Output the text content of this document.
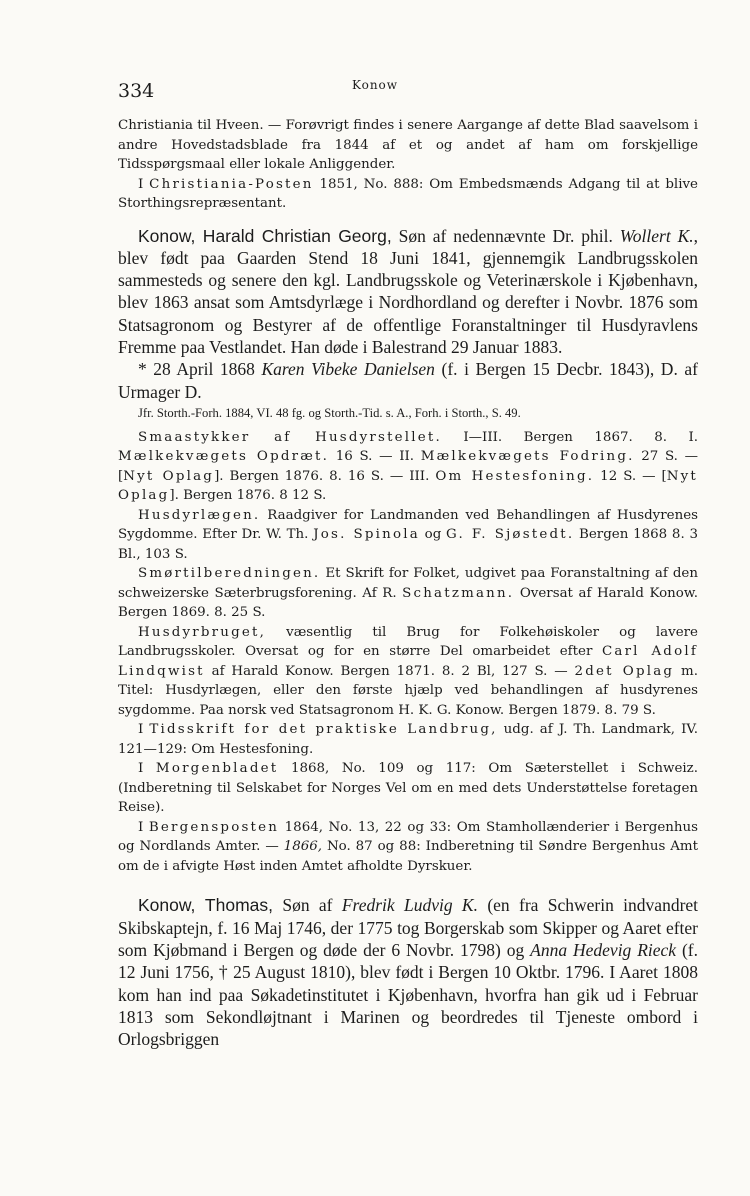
334	Konow

Christiania til Hveen. — Forøvrigt findes i senere Aargange af dette Blad saavelsom i andre Hovedstadsblade fra 1844 af et og andet af ham om forskjellige Tidsspørgsmaal eller lokale Anliggender.

I Christiania-Posten 1851, No. 888: Om Embedsmænds Adgang til at blive Storthingsrepræsentant.

Konow, Harald Christian Georg, Søn af nedennævnte Dr. phil. Wollert K., blev født paa Gaarden Stend 18 Juni 1841, gjennemgik Landbrugsskolen sammesteds og senere den kgl. Landbrugsskole og Veterinærskole i Kjøbenhavn, blev 1863 ansat som Amtsdyrlæge i Nordhordland og derefter i Novbr. 1876 som Statsagronom og Bestyrer af de offentlige Foranstaltninger til Husdyravlens Fremme paa Vestlandet. Han døde i Balestrand 29 Januar 1883.

* 28 April 1868 Karen Vibeke Danielsen (f. i Bergen 15 Decbr. 1843), D. af Urmager D.

Jfr. Storth.-Forh. 1884, VI. 48 fg. og Storth.-Tid. s. A., Forh. i Storth., S. 49.

Smaastykker af Husdyrstellet. I—III. Bergen 1867. 8. I. Mælkekvægets Opdræt. 16 S. — II. Mælkekvægets Fodring. 27 S. — [Nyt Oplag]. Bergen 1876. 8. 16 S. — III. Om Hestesfoning. 12 S. — [Nyt Oplag]. Bergen 1876. 8 12 S.

Husdyrlægen. Raadgiver for Landmanden ved Behandlingen af Husdyrenes Sygdomme. Efter Dr. W. Th. Jos. Spinola og G. F. Sjøstedt. Bergen 1868 8. 3 Bl., 103 S.

Smørtilberedningen. Et Skrift for Folket, udgivet paa Foranstaltning af den schweizerske Sæterbrugsforening. Af R. Schatzmann. Oversat af Harald Konow. Bergen 1869. 8. 25 S.

Husdyrbruget, væsentlig til Brug for Folkehøiskoler og lavere Landbrugsskoler. Oversat og for en større Del omarbeidet efter Carl Adolf Lindqwist af Harald Konow. Bergen 1871. 8. 2 Bl, 127 S. — 2det Oplag m. Titel: Husdyrlægen, eller den første hjælp ved behandlingen af husdyrenes sygdomme. Paa norsk ved Statsagronom H. K. G. Konow. Bergen 1879. 8. 79 S.

I Tidsskrift for det praktiske Landbrug, udg. af J. Th. Landmark, IV. 121—129: Om Hestesfoning.

I Morgenbladet 1868, No. 109 og 117: Om Sæterstellet i Schweiz. (Indberetning til Selskabet for Norges Vel om en med dets Understøttelse foretagen Reise).

I Bergensposten 1864, No. 13, 22 og 33: Om Stamhollænderier i Bergenhus og Nordlands Amter. — 1866, No. 87 og 88: Indberetning til Søndre Bergenhus Amt om de i afvigte Høst inden Amtet afholdte Dyrskuer.

Konow, Thomas, Søn af Fredrik Ludvig K. (en fra Schwerin indvandret Skibskaptejn, f. 16 Maj 1746, der 1775 tog Borgerskab som Skipper og Aaret efter som Kjøbmand i Bergen og døde der 6 Novbr. 1798) og Anna Hedevig Rieck (f. 12 Juni 1756, † 25 August 1810), blev født i Bergen 10 Oktbr. 1796. I Aaret 1808 kom han ind paa Søkadetinstitutet i Kjøbenhavn, hvorfra han gik ud i Februar 1813 som Sekondløjtnant i Marinen og beordredes til Tjeneste ombord i Orlogsbriggen
